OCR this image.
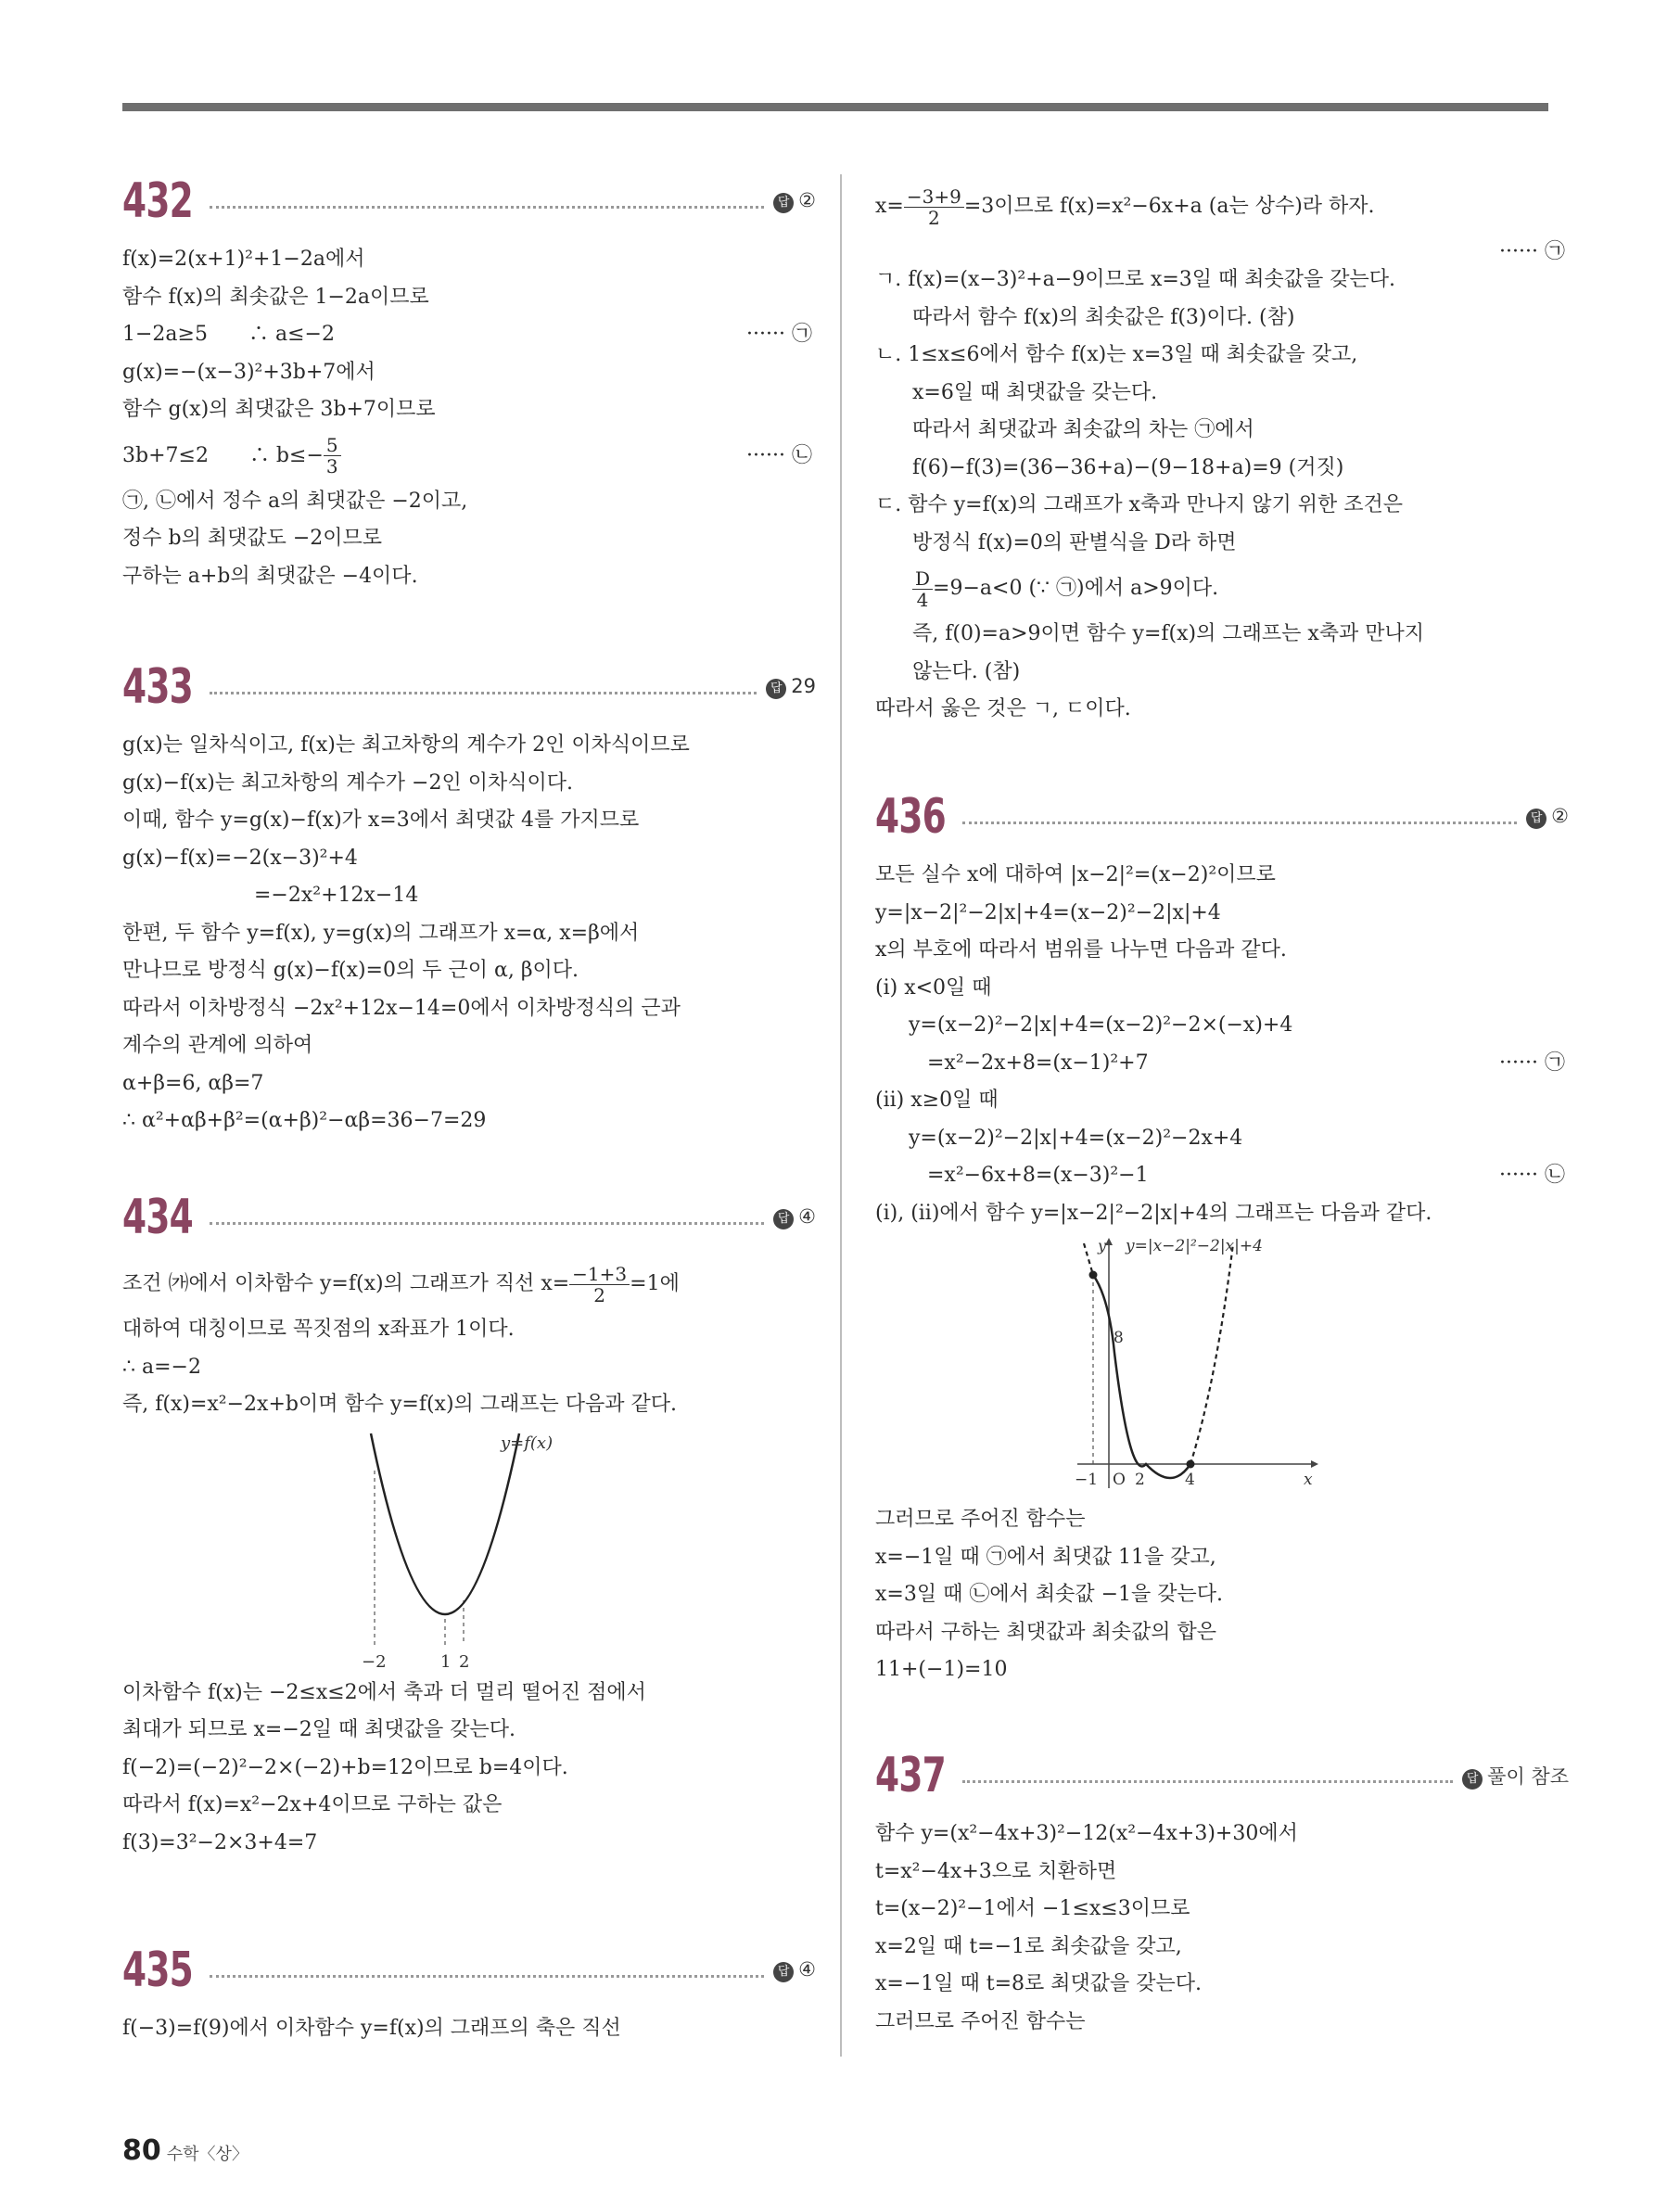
432	답 ②
f(x)=2(x+1)²+1−2a에서
함수 f(x)의 최솟값은 1−2a이므로
1−2a≥5　　∴ a≤−2	······ ㉠
g(x)=−(x−3)²+3b+7에서
함수 g(x)의 최댓값은 3b+7이므로
3b+7≤2　　∴ $b\le- \frac{5}{3}$	······ ㉡
㉠, ㉡에서 정수 a의 최댓값은 −2이고,
정수 b의 최댓값도 −2이므로
구하는 a+b의 최댓값은 −4이다.
433	답 29
g(x)는 일차식이고, f(x)는 최고차항의 계수가 2인 이차식이므로
g(x)−f(x)는 최고차항의 계수가 −2인 이차식이다.
이때, 함수 y=g(x)−f(x)가 x=3에서 최댓값 4를 가지므로
g(x)−f(x)=−2(x−3)²+4
=−2x²+12x−14
한편, 두 함수 y=f(x), y=g(x)의 그래프가 x=α, x=β에서
만나므로 방정식 g(x)−f(x)=0의 두 근이 α, β이다.
따라서 이차방정식 −2x²+12x−14=0에서 이차방정식의 근과
계수의 관계에 의하여
α+β=6, αβ=7
∴ α²+αβ+β²=(α+β)²−αβ=36−7=29
434	답 ④
조건 ㈎에서 이차함수 y=f(x)의 그래프가 직선 $x= \frac{-1+3}{2} =1$에
대하여 대칭이므로 꼭짓점의 x좌표가 1이다.
∴ a=−2
즉, f(x)=x²−2x+b이며 함수 y=f(x)의 그래프는 다음과 같다.
y=f(x)
−2	1 2
이차함수 f(x)는 −2≤x≤2에서 축과 더 멀리 떨어진 점에서
최대가 되므로 x=−2일 때 최댓값을 갖는다.
f(−2)=(−2)²−2×(−2)+b=12이므로 b=4이다.
따라서 f(x)=x²−2x+4이므로 구하는 값은
f(3)=3²−2×3+4=7
435	답 ④
f(−3)=f(9)에서 이차함수 y=f(x)의 그래프의 축은 직선
$x= \frac{-3+9}{2} =3$이므로 f(x)=x²−6x+a (a는 상수)라 하자.
······ ㉠
ㄱ. f(x)=(x−3)²+a−9이므로 x=3일 때 최솟값을 갖는다.
따라서 함수 f(x)의 최솟값은 f(3)이다. (참)
ㄴ. 1≤x≤6에서 함수 f(x)는 x=3일 때 최솟값을 갖고,
x=6일 때 최댓값을 갖는다.
따라서 최댓값과 최솟값의 차는 ㉠에서
f(6)−f(3)=(36−36+a)−(9−18+a)=9 (거짓)
ㄷ. 함수 y=f(x)의 그래프가 x축과 만나지 않기 위한 조건은
방정식 f(x)=0의 판별식을 D라 하면
$\frac{D}{4} =9-a<0$ (∵ ㉠)에서 a>9이다.
즉, f(0)=a>9이면 함수 y=f(x)의 그래프는 x축과 만나지
않는다. (참)
따라서 옳은 것은 ㄱ, ㄷ이다.
436	답 ②
모든 실수 x에 대하여 |x−2|²=(x−2)²이므로
y=|x−2|²−2|x|+4=(x−2)²−2|x|+4
x의 부호에 따라서 범위를 나누면 다음과 같다.
(i) x<0일 때
y=(x−2)²−2|x|+4=(x−2)²−2×(−x)+4
=x²−2x+8=(x−1)²+7	······ ㉠
(ii) x≥0일 때
y=(x−2)²−2|x|+4=(x−2)²−2x+4
=x²−6x+8=(x−3)²−1	······ ㉡
(i), (ii)에서 함수 y=|x−2|²−2|x|+4의 그래프는 다음과 같다.
y y=|x−2|²−2|x|+4
8
−1 O 2	4	x
그러므로 주어진 함수는
x=−1일 때 ㉠에서 최댓값 11을 갖고,
x=3일 때 ㉡에서 최솟값 −1을 갖는다.
따라서 구하는 최댓값과 최솟값의 합은
11+(−1)=10
437	답 풀이 참조
함수 y=(x²−4x+3)²−12(x²−4x+3)+30에서
t=x²−4x+3으로 치환하면
t=(x−2)²−1에서 −1≤x≤3이므로
x=2일 때 t=−1로 최솟값을 갖고,
x=−1일 때 t=8로 최댓값을 갖는다.
그러므로 주어진 함수는
80 수학〈상〉
